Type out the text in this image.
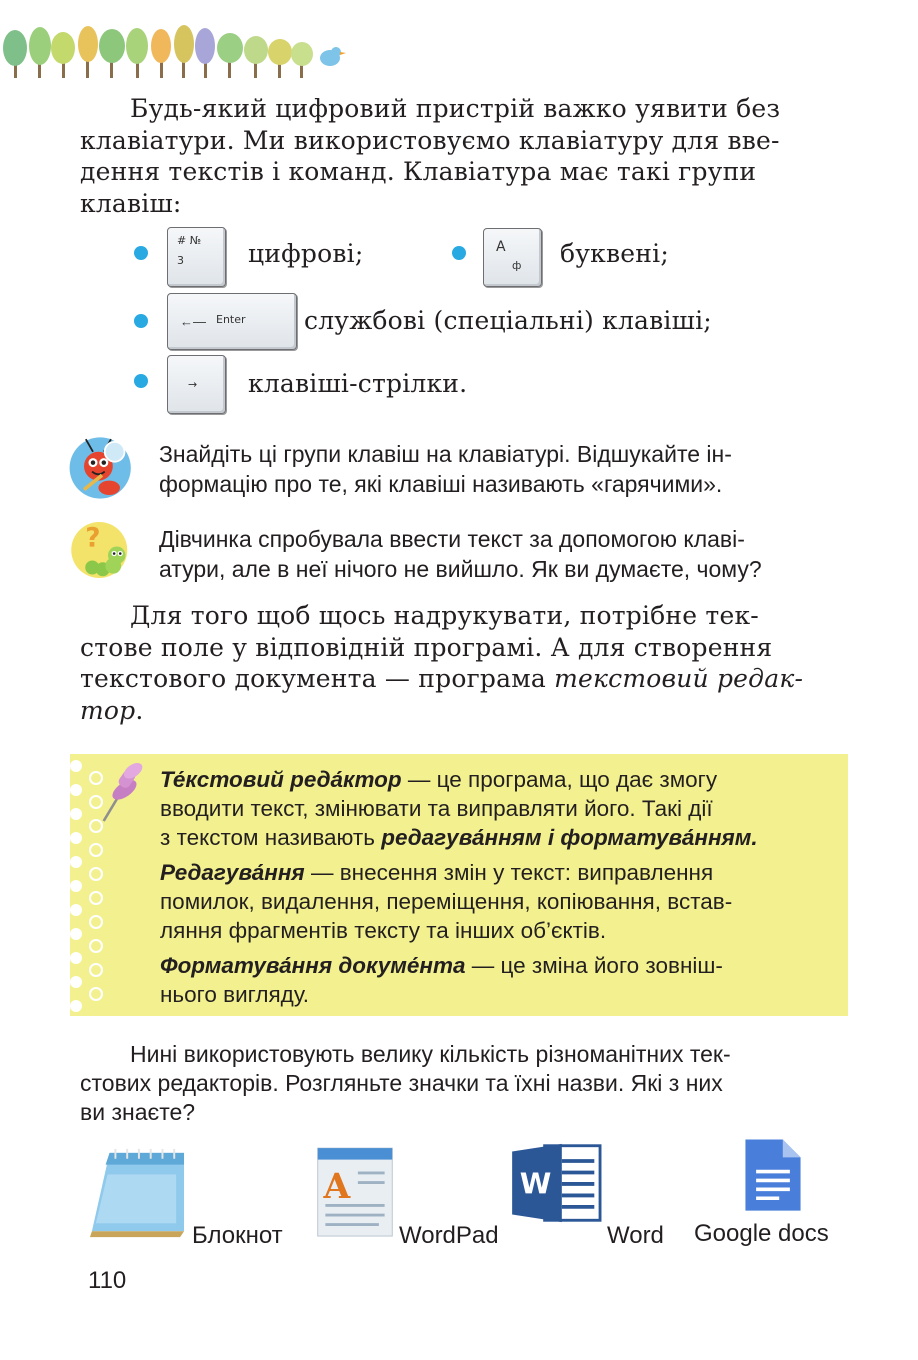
Будь-який цифровий пристрій важко уявити без
клавіатури. Ми використовуємо клавіатуру для вве-
дення текстів і команд. Клавіатура має такі групи
клавіш:
# №
3	цифрові;	А
ф буквені;
←— Enter службові (спеціальні) клавіші;
→ клавіші-стрілки.
Знайдіть ці групи клавіш на клавіатурі. Відшукайте ін-
формацію про те, які клавіші називають «гарячими».
?	Дівчинка спробувала ввести текст за допомогою клаві-
атури, але в неї нічого не вийшло. Як ви думаєте, чому?
Для того щоб щось надрукувати, потрібне тек-
стове поле у відповідній програмі. А для створення
текстового документа — програма текстовий редак-
тор.
Те́кстовий реда́ктор — це програма, що дає змогу
вводити текст, змінювати та виправляти його. Такі дії
з текстом називають редагува́нням і форматува́нням.
Редагува́ння — внесення змін у текст: виправлення
помилок, видалення, переміщення, копіювання, встав-
ляння фрагментів тексту та інших об’єктів.
Форматува́ння докуме́нта — це зміна його зовніш-
нього вигляду.
Нині використовують велику кількість різноманітних тек-
стових редакторів. Розгляньте значки та їхні назви. Які з них
ви знаєте?
Блокнот
A
WordPad
W
Word Google docs
110
